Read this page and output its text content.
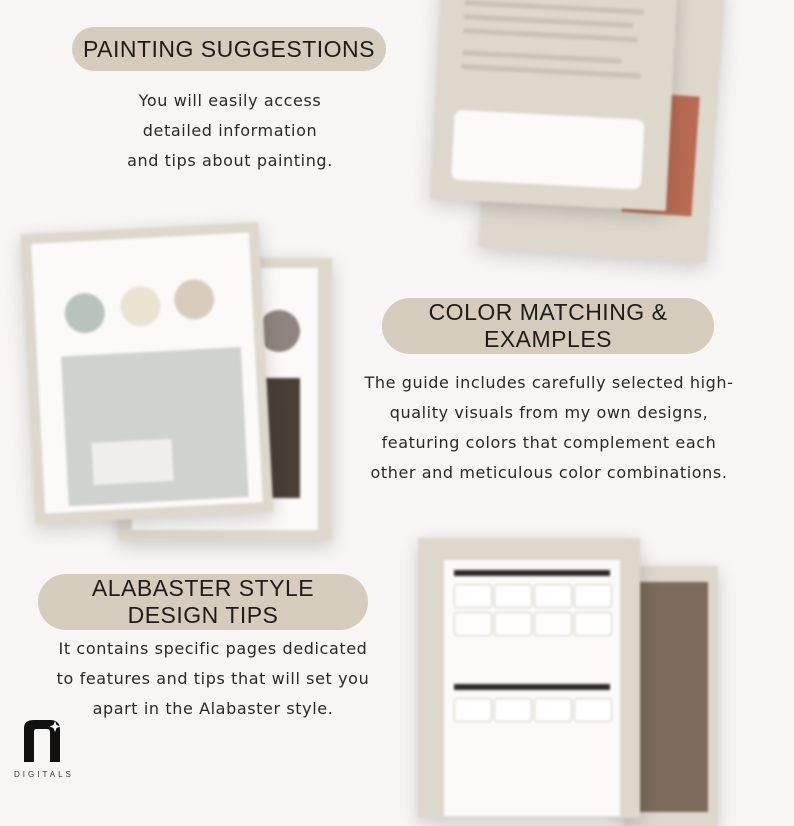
PAINTING SUGGESTIONS
You will easily access
detailed information
and tips about painting.
COLOR MATCHING &
EXAMPLES
The guide includes carefully selected high-
quality visuals from my own designs,
featuring colors that complement each
other and meticulous color combinations.
ALABASTER STYLE
DESIGN TIPS
It contains specific pages dedicated
to features and tips that will set you
apart in the Alabaster style.
DIGITALS
